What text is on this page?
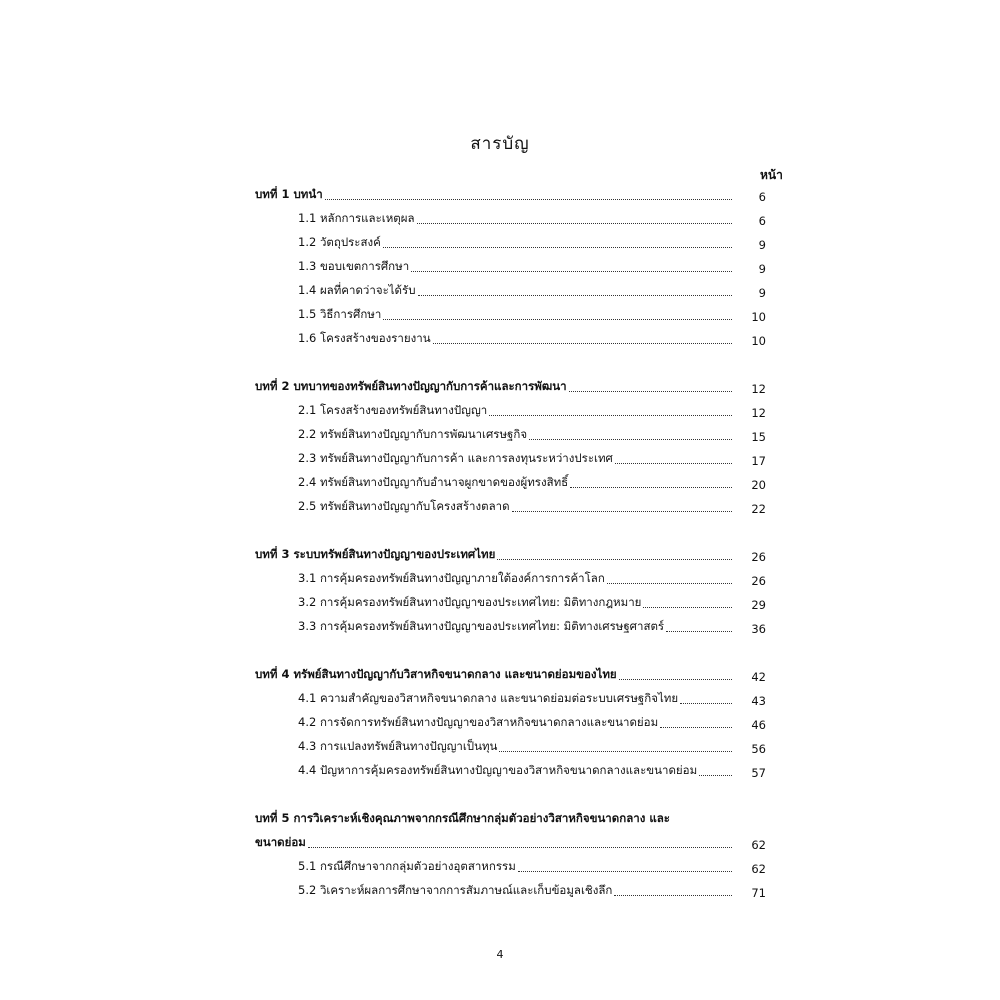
สารบัญ
หน้า
บทที่ 1 บทนำ	6
1.1 หลักการและเหตุผล	6
1.2 วัตถุประสงค์	9
1.3 ขอบเขตการศึกษา	9
1.4 ผลที่คาดว่าจะได้รับ	9
1.5 วิธีการศึกษา	10
1.6 โครงสร้างของรายงาน	10
บทที่ 2 บทบาทของทรัพย์สินทางปัญญากับการค้าและการพัฒนา	12
2.1 โครงสร้างของทรัพย์สินทางปัญญา	12
2.2 ทรัพย์สินทางปัญญากับการพัฒนาเศรษฐกิจ	15
2.3 ทรัพย์สินทางปัญญากับการค้า และการลงทุนระหว่างประเทศ	17
2.4 ทรัพย์สินทางปัญญากับอำนาจผูกขาดของผู้ทรงสิทธิ์	20
2.5 ทรัพย์สินทางปัญญากับโครงสร้างตลาด	22
บทที่ 3 ระบบทรัพย์สินทางปัญญาของประเทศไทย	26
3.1 การคุ้มครองทรัพย์สินทางปัญญาภายใต้องค์การการค้าโลก	26
3.2 การคุ้มครองทรัพย์สินทางปัญญาของประเทศไทย: มิติทางกฎหมาย	29
3.3 การคุ้มครองทรัพย์สินทางปัญญาของประเทศไทย: มิติทางเศรษฐศาสตร์	36
บทที่ 4 ทรัพย์สินทางปัญญากับวิสาหกิจขนาดกลาง และขนาดย่อมของไทย	42
4.1 ความสำคัญของวิสาหกิจขนาดกลาง และขนาดย่อมต่อระบบเศรษฐกิจไทย	43
4.2 การจัดการทรัพย์สินทางปัญญาของวิสาหกิจขนาดกลางและขนาดย่อม	46
4.3 การแปลงทรัพย์สินทางปัญญาเป็นทุน	56
4.4 ปัญหาการคุ้มครองทรัพย์สินทางปัญญาของวิสาหกิจขนาดกลางและขนาดย่อม	57
บทที่ 5 การวิเคราะห์เชิงคุณภาพจากกรณีศึกษากลุ่มตัวอย่างวิสาหกิจขนาดกลาง และ
ขนาดย่อม	62
5.1 กรณีศึกษาจากกลุ่มตัวอย่างอุตสาหกรรม	62
5.2 วิเคราะห์ผลการศึกษาจากการสัมภาษณ์และเก็บข้อมูลเชิงลึก	71
4
